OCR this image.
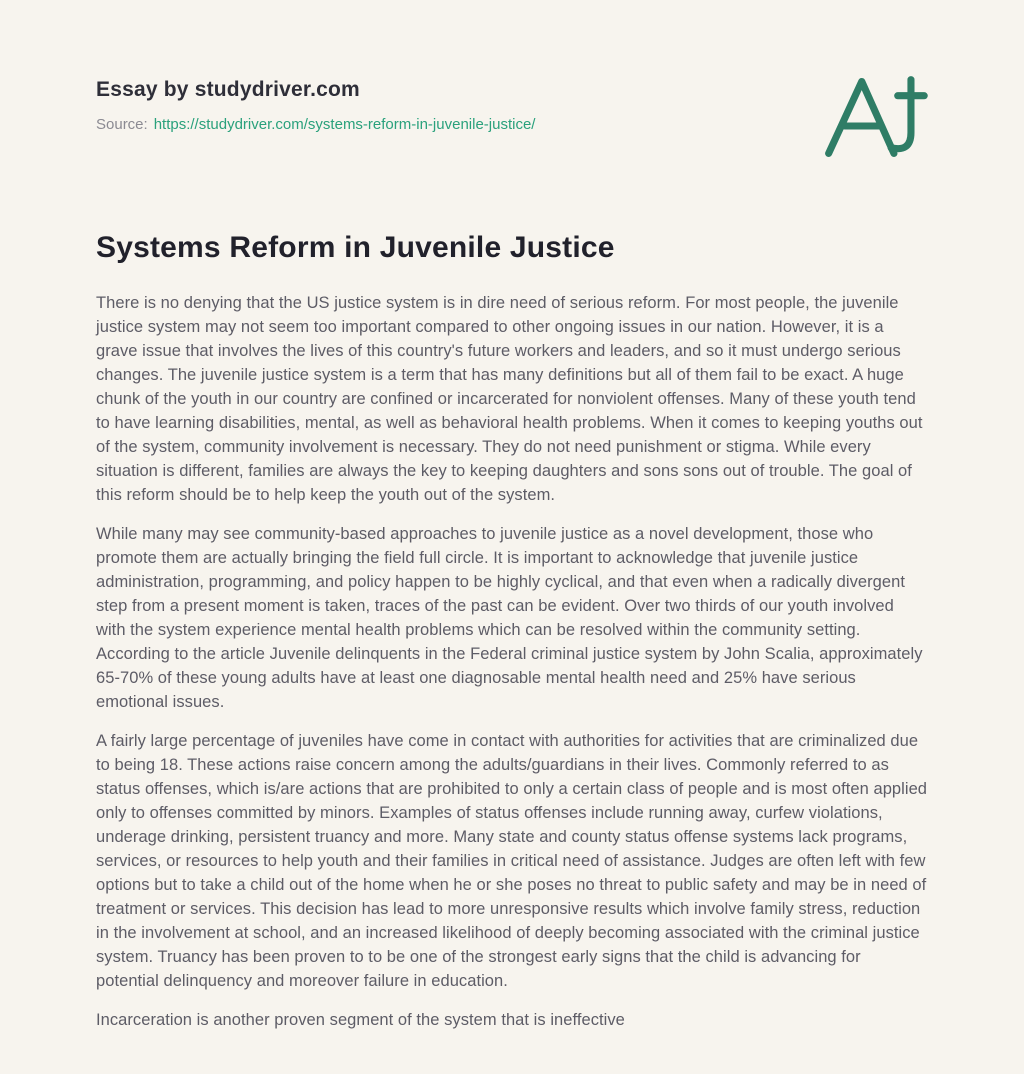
Essay by studydriver.com
Source: https://studydriver.com/systems-reform-in-juvenile-justice/
Systems Reform in Juvenile Justice

There is no denying that the US justice system is in dire need of serious reform. For most people, the juvenile justice system may not seem too important compared to other ongoing issues in our nation. However, it is a grave issue that involves the lives of this country's future workers and leaders, and so it must undergo serious changes. The juvenile justice system is a term that has many definitions but all of them fail to be exact. A huge chunk of the youth in our country are confined or incarcerated for nonviolent offenses. Many of these youth tend to have learning disabilities, mental, as well as behavioral health problems. When it comes to keeping youths out of the system, community involvement is necessary. They do not need punishment or stigma. While every situation is different, families are always the key to keeping daughters and sons sons out of trouble. The goal of this reform should be to help keep the youth out of the system.

While many may see community-based approaches to juvenile justice as a novel development, those who promote them are actually bringing the field full circle. It is important to acknowledge that juvenile justice administration, programming, and policy happen to be highly cyclical, and that even when a radically divergent step from a present moment is taken, traces of the past can be evident. Over two thirds of our youth involved with the system experience mental health problems which can be resolved within the community setting. According to the article Juvenile delinquents in the Federal criminal justice system by John Scalia, approximately 65-70% of these young adults have at least one diagnosable mental health need and 25% have serious emotional issues.

A fairly large percentage of juveniles have come in contact with authorities for activities that are criminalized due to being 18. These actions raise concern among the adults/guardians in their lives. Commonly referred to as status offenses, which is/are actions that are prohibited to only a certain class of people and is most often applied only to offenses committed by minors. Examples of status offenses include running away, curfew violations, underage drinking, persistent truancy and more. Many state and county status offense systems lack programs, services, or resources to help youth and their families in critical need of assistance. Judges are often left with few options but to take a child out of the home when he or she poses no threat to public safety and may be in need of treatment or services. This decision has lead to more unresponsive results which involve family stress, reduction in the involvement at school, and an increased likelihood of deeply becoming associated with the criminal justice system. Truancy has been proven to to be one of the strongest early signs that the child is advancing for potential delinquency and moreover failure in education.

Incarceration is another proven segment of the system that is ineffective
